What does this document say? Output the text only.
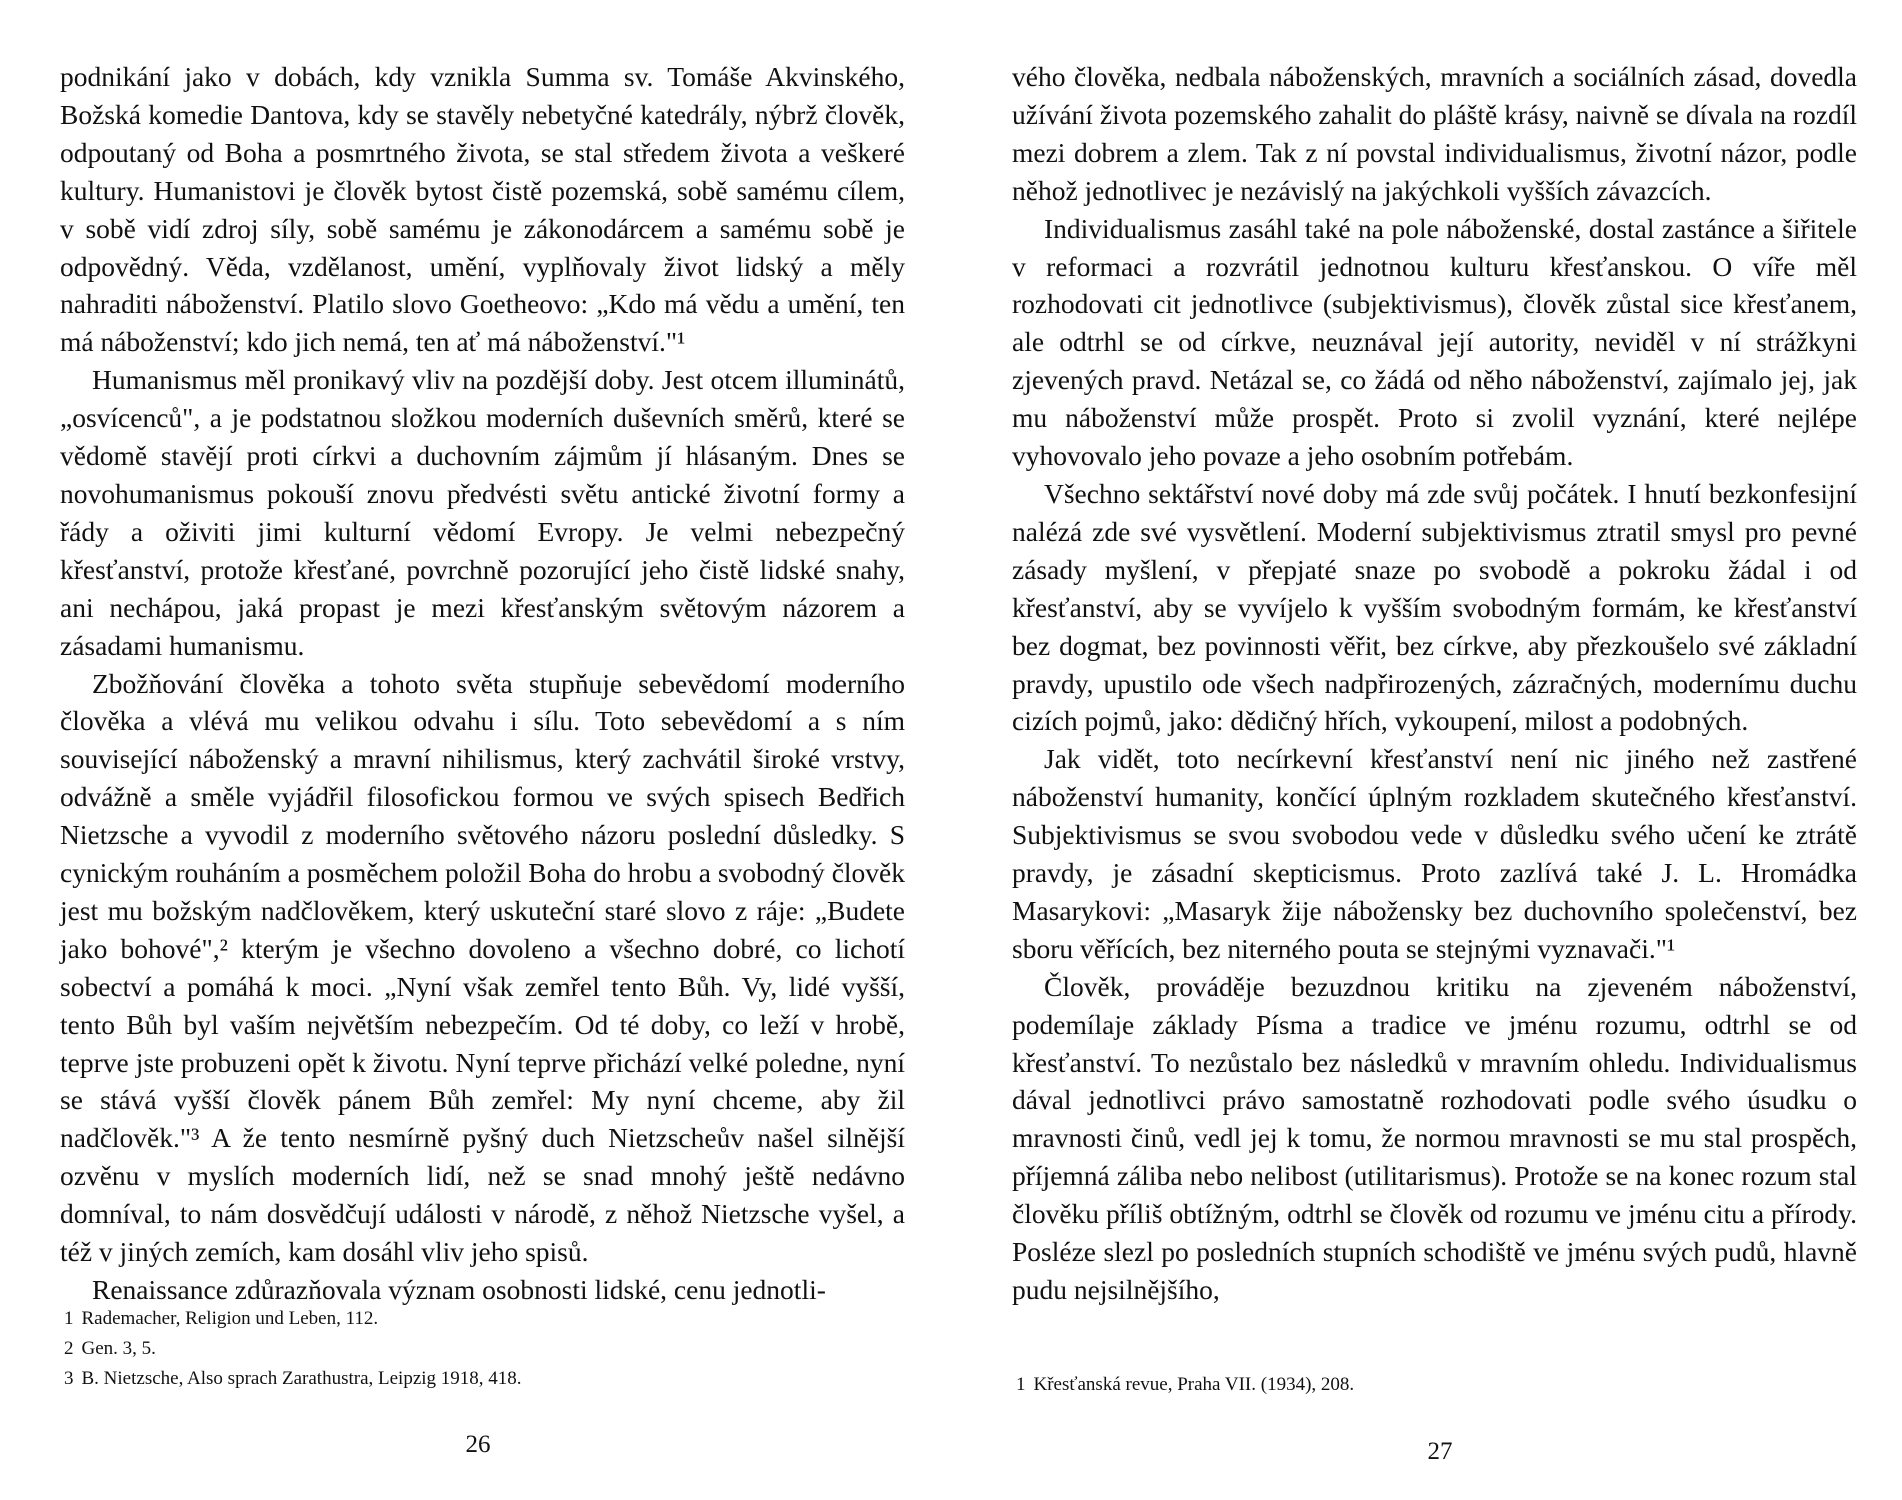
podnikání jako v dobách, kdy vznikla Summa sv. Tomáše Akvinského, Božská komedie Dantova, kdy se stavěly nebetyčné katedrály, nýbrž člověk, odpoutaný od Boha a posmrtného života, se stal středem života a veškeré kultury. Humanistovi je člověk bytost čistě pozemská, sobě samému cílem, v sobě vidí zdroj síly, sobě samému je zákonodárcem a samému sobě je odpovědný. Věda, vzdělanost, umění, vyplňovaly život lidský a měly nahraditi náboženství. Platilo slovo Goetheovo: „Kdo má vědu a umění, ten má náboženství; kdo jich nemá, ten ať má náboženství."¹

Humanismus měl pronikavý vliv na pozdější doby. Jest otcem illuminátů, „osvícenců", a je podstatnou složkou moderních duševních směrů, které se vědomě stavějí proti církvi a duchovním zájmům jí hlásaným. Dnes se novohumanismus pokouší znovu předvésti světu antické životní formy a řády a oživiti jimi kulturní vědomí Evropy. Je velmi nebezpečný křesťanství, protože křesťané, povrchně pozorující jeho čistě lidské snahy, ani nechápou, jaká propast je mezi křesťanským světovým názorem a zásadami humanismu.

Zbožňování člověka a tohoto světa stupňuje sebevědomí moderního člověka a vlévá mu velikou odvahu i sílu. Toto sebevědomí a s ním související náboženský a mravní nihilismus, který zachvátil široké vrstvy, odvážně a směle vyjádřil filosofickou formou ve svých spisech Bedřich Nietzsche a vyvodil z moderního světového názoru poslední důsledky. S cynickým rouháním a posměchem položil Boha do hrobu a svobodný člověk jest mu božským nadčlověkem, který uskuteční staré slovo z ráje: „Budete jako bohové",² kterým je všechno dovoleno a všechno dobré, co lichotí sobectví a pomáhá k moci. „Nyní však zemřel tento Bůh. Vy, lidé vyšší, tento Bůh byl vaším největším nebezpečím. Od té doby, co leží v hrobě, teprve jste probuzeni opět k životu. Nyní teprve přichází velké poledne, nyní se stává vyšší člověk pánem Bůh zemřel: My nyní chceme, aby žil nadčlověk."³ A že tento nesmírně pyšný duch Nietzscheův našel silnější ozvěnu v myslích moderních lidí, než se snad mnohý ještě nedávno domníval, to nám dosvědčují události v národě, z něhož Nietzsche vyšel, a též v jiných zemích, kam dosáhl vliv jeho spisů.

Renaissance zdůrazňovala význam osobnosti lidské, cenu jednotli-

1 Rademacher, Religion und Leben, 112.
2 Gen. 3, 5.
3 B. Nietzsche, Also sprach Zarathustra, Leipzig 1918, 418.
26

vého člověka, nedbala náboženských, mravních a sociálních zásad, dovedla užívání života pozemského zahalit do pláště krásy, naivně se dívala na rozdíl mezi dobrem a zlem. Tak z ní povstal individualismus, životní názor, podle něhož jednotlivec je nezávislý na jakýchkoli vyšších závazcích.

Individualismus zasáhl také na pole náboženské, dostal zastánce a šiřitele v reformaci a rozvrátil jednotnou kulturu křesťanskou. O víře měl rozhodovati cit jednotlivce (subjektivismus), člověk zůstal sice křesťanem, ale odtrhl se od církve, neuznával její autority, neviděl v ní strážkyni zjevených pravd. Netázal se, co žádá od něho náboženství, zajímalo jej, jak mu náboženství může prospět. Proto si zvolil vyznání, které nejlépe vyhovovalo jeho povaze a jeho osobním potřebám.

Všechno sektářství nové doby má zde svůj počátek. I hnutí bezkonfesijní nalézá zde své vysvětlení. Moderní subjektivismus ztratil smysl pro pevné zásady myšlení, v přepjaté snaze po svobodě a pokroku žádal i od křesťanství, aby se vyvíjelo k vyšším svobodným formám, ke křesťanství bez dogmat, bez povinnosti věřit, bez církve, aby přezkoušelo své základní pravdy, upustilo ode všech nadpřirozených, zázračných, modernímu duchu cizích pojmů, jako: dědičný hřích, vykoupení, milost a podobných.

Jak vidět, toto necírkevní křesťanství není nic jiného než zastřené náboženství humanity, končící úplným rozkladem skutečného křesťanství. Subjektivismus se svou svobodou vede v důsledku svého učení ke ztrátě pravdy, je zásadní skepticismus. Proto zazlívá také J. L. Hromádka Masarykovi: „Masaryk žije nábožensky bez duchovního společenství, bez sboru věřících, bez niterného pouta se stejnými vyznavači."¹

Člověk, prováděje bezuzdnou kritiku na zjeveném náboženství, podemílaje základy Písma a tradice ve jménu rozumu, odtrhl se od křesťanství. To nezůstalo bez následků v mravním ohledu. Individualismus dával jednotlivci právo samostatně rozhodovati podle svého úsudku o mravnosti činů, vedl jej k tomu, že normou mravnosti se mu stal prospěch, příjemná záliba nebo nelibost (utilitarismus). Protože se na konec rozum stal člověku příliš obtížným, odtrhl se člověk od rozumu ve jménu citu a přírody. Posléze slezl po posledních stupních schodiště ve jménu svých pudů, hlavně pudu nejsilnějšího,

1 Křesťanská revue, Praha VII. (1934), 208.
27
